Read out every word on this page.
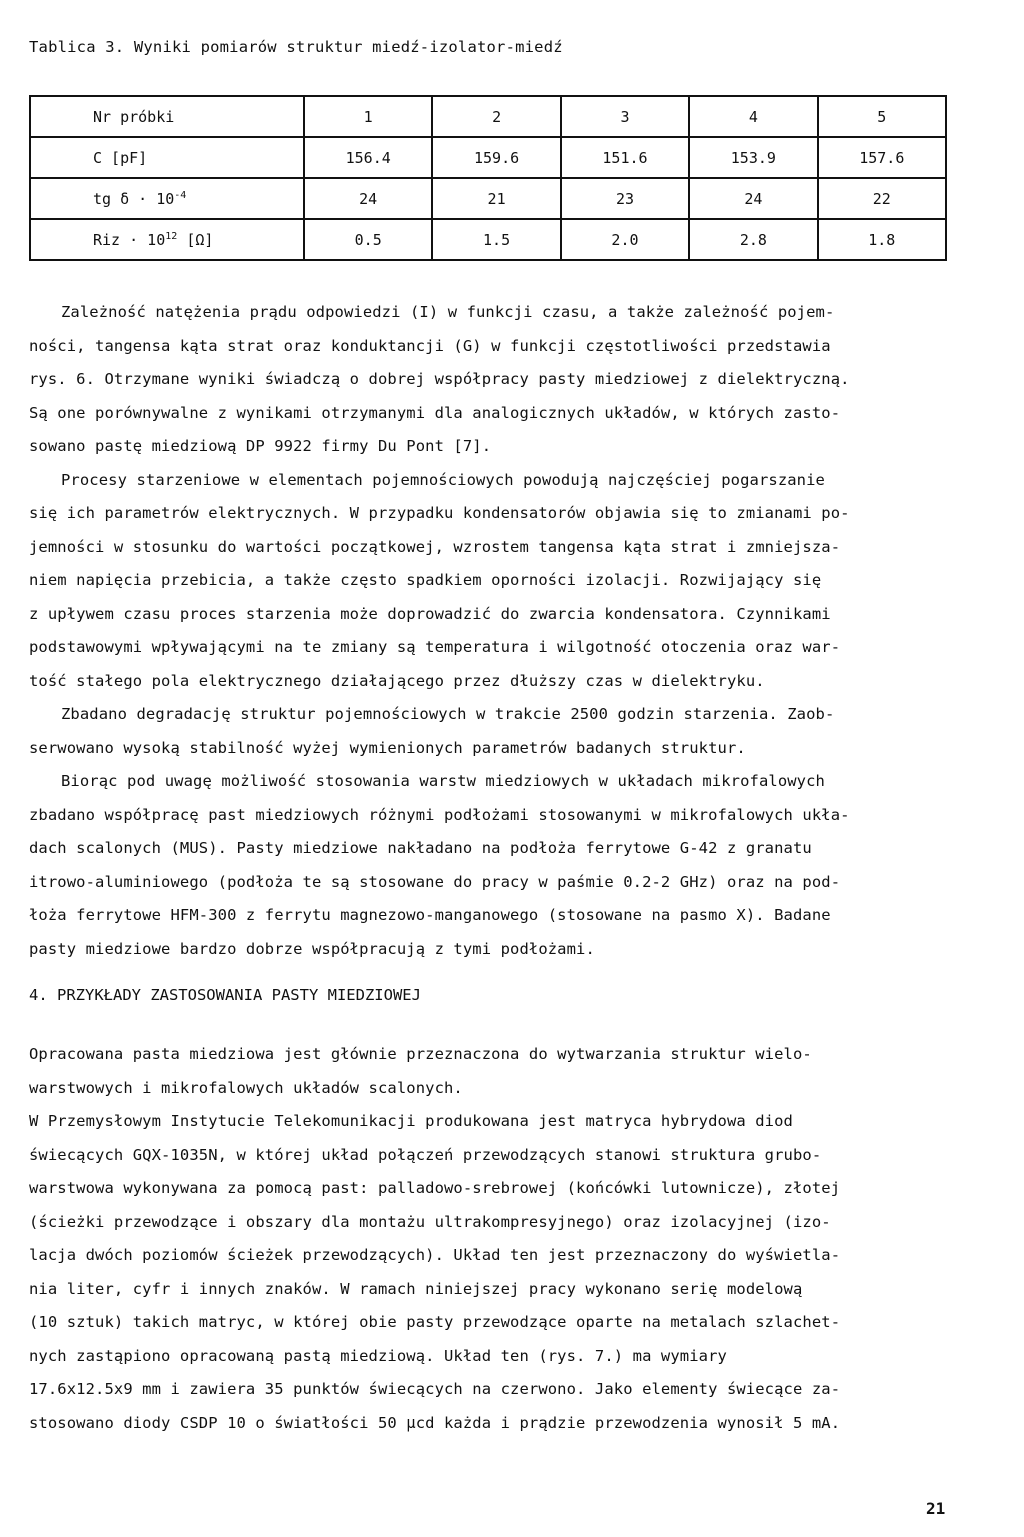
Tablica 3. Wyniki pomiarów struktur miedź-izolator-miedź
Nr próbki	1	2	3	4	5
C [pF]	156.4	159.6	151.6	153.9	157.6
tg $\delta \cdot 10^{-4}$	24	21	23	24	22
Riz · $10^{12}$ [Ω]	0.5	1.5	2.0	2.8	1.8
Zależność natężenia prądu odpowiedzi (I) w funkcji czasu, a także zależność pojem-
ności, tangensa kąta strat oraz konduktancji (G) w funkcji częstotliwości przedstawia
rys. 6. Otrzymane wyniki świadczą o dobrej współpracy pasty miedziowej z dielektryczną.
Są one porównywalne z wynikami otrzymanymi dla analogicznych układów, w których zasto-
sowano pastę miedziową DP 9922 firmy Du Pont [7].
Procesy starzeniowe w elementach pojemnościowych powodują najczęściej pogarszanie
się ich parametrów elektrycznych. W przypadku kondensatorów objawia się to zmianami po-
jemności w stosunku do wartości początkowej, wzrostem tangensa kąta strat i zmniejsza-
niem napięcia przebicia, a także często spadkiem oporności izolacji. Rozwijający się
z upływem czasu proces starzenia może doprowadzić do zwarcia kondensatora. Czynnikami
podstawowymi wpływającymi na te zmiany są temperatura i wilgotność otoczenia oraz war-
tość stałego pola elektrycznego działającego przez dłuższy czas w dielektryku.
Zbadano degradację struktur pojemnościowych w trakcie 2500 godzin starzenia. Zaob-
serwowano wysoką stabilność wyżej wymienionych parametrów badanych struktur.
Biorąc pod uwagę możliwość stosowania warstw miedziowych w układach mikrofalowych
zbadano współpracę past miedziowych różnymi podłożami stosowanymi w mikrofalowych ukła-
dach scalonych (MUS). Pasty miedziowe nakładano na podłoża ferrytowe G-42 z granatu
itrowo-aluminiowego (podłoża te są stosowane do pracy w paśmie 0.2-2 GHz) oraz na pod-
łoża ferrytowe HFM-300 z ferrytu magnezowo-manganowego (stosowane na pasmo X). Badane
pasty miedziowe bardzo dobrze współpracują z tymi podłożami.
4. PRZYKŁADY ZASTOSOWANIA PASTY MIEDZIOWEJ
Opracowana pasta miedziowa jest głównie przeznaczona do wytwarzania struktur wielo-
warstwowych i mikrofalowych układów scalonych.
W Przemysłowym Instytucie Telekomunikacji produkowana jest matryca hybrydowa diod
świecących GQX-1035N, w której układ połączeń przewodzących stanowi struktura grubo-
warstwowa wykonywana za pomocą past: palladowo-srebrowej (końcówki lutownicze), złotej
(ścieżki przewodzące i obszary dla montażu ultrakompresyjnego) oraz izolacyjnej (izo-
lacja dwóch poziomów ścieżek przewodzących). Układ ten jest przeznaczony do wyświetla-
nia liter, cyfr i innych znaków. W ramach niniejszej pracy wykonano serię modelową
(10 sztuk) takich matryc, w której obie pasty przewodzące oparte na metalach szlachet-
nych zastąpiono opracowaną pastą miedziową. Układ ten (rys. 7.) ma wymiary
17.6x12.5x9 mm i zawiera 35 punktów świecących na czerwono. Jako elementy świecące za-
stosowano diody CSDP 10 o światłości 50 μcd każda i prądzie przewodzenia wynosił 5 mA.
21
